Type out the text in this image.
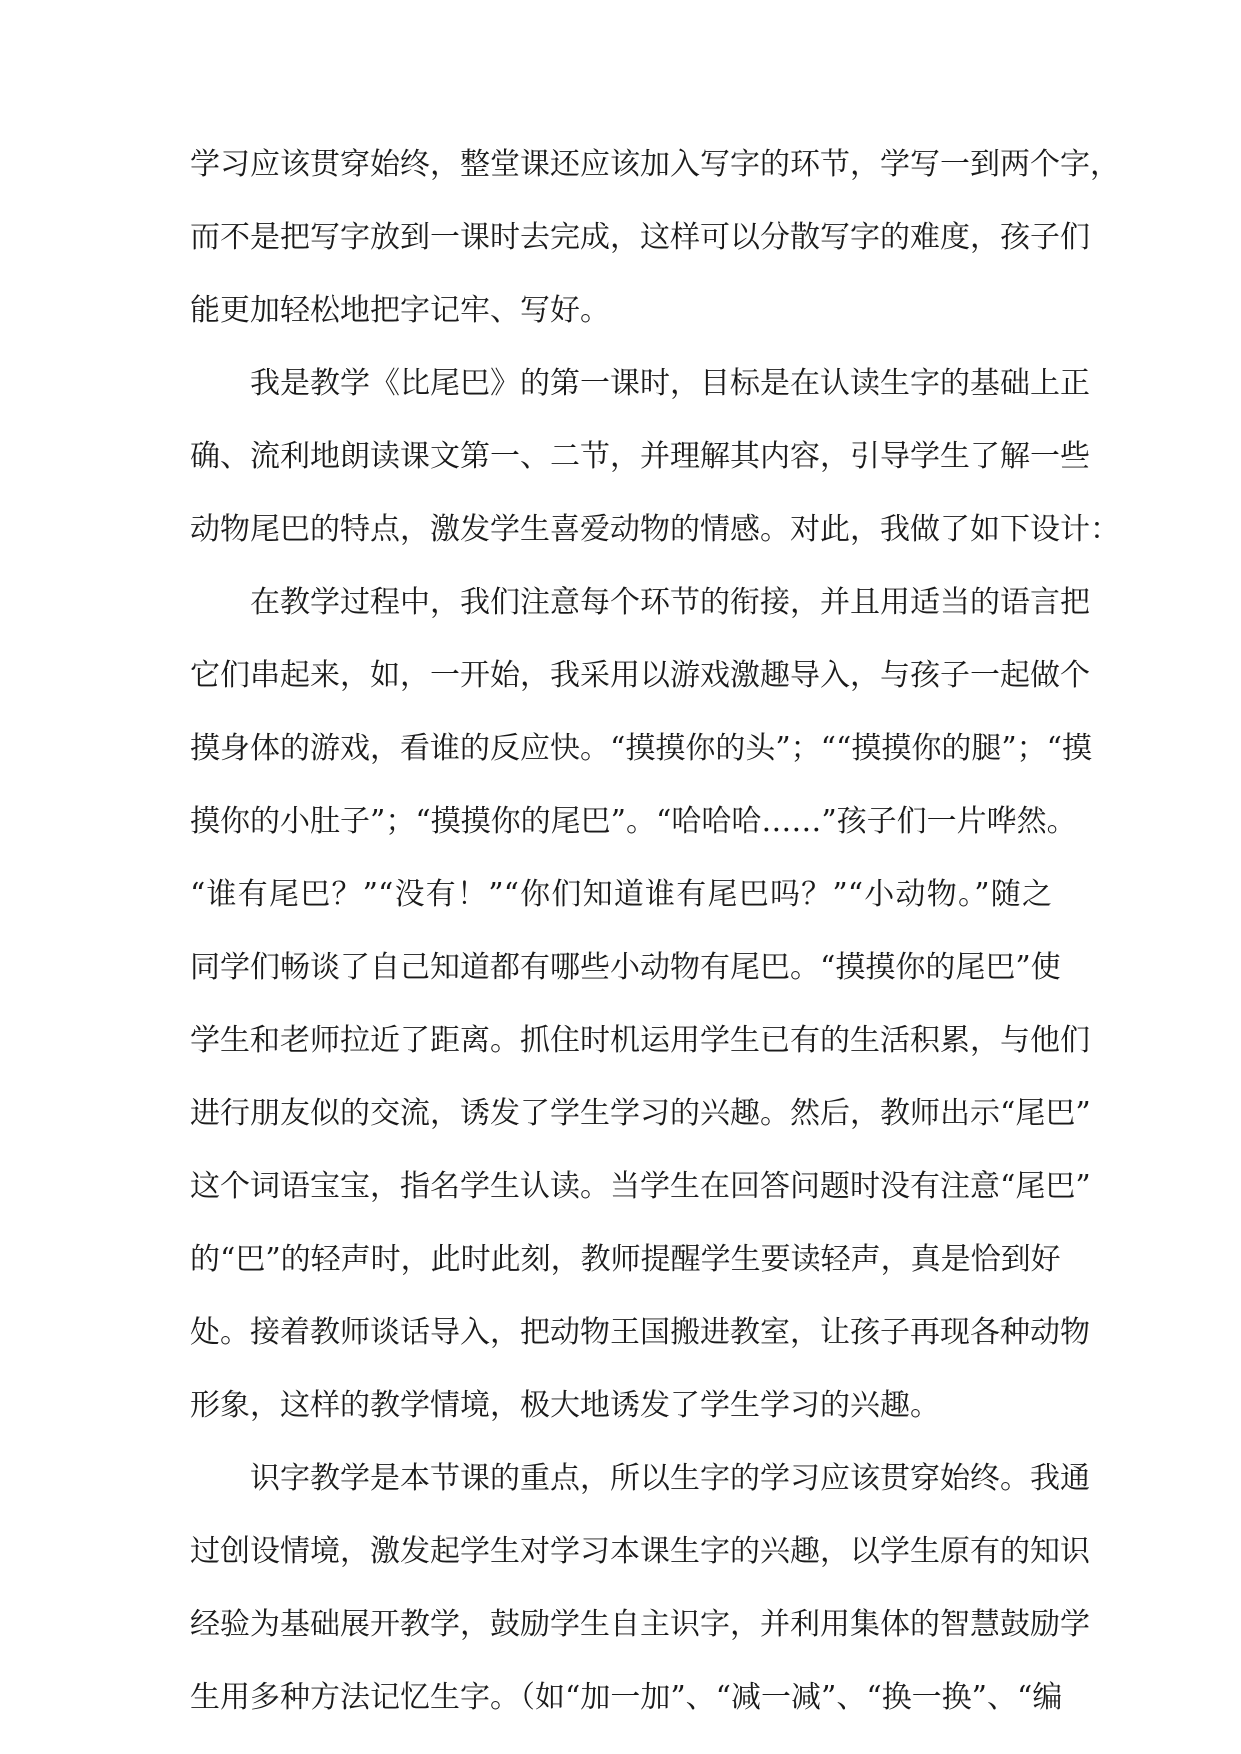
学习应该贯穿始终，整堂课还应该加入写字的环节，学写一到两个字，
而不是把写字放到一课时去完成，这样可以分散写字的难度，孩子们
能更加轻松地把字记牢、写好。
我是教学《比尾巴》的第一课时，目标是在认读生字的基础上正
确、流利地朗读课文第一、二节，并理解其内容，引导学生了解一些
动物尾巴的特点，激发学生喜爱动物的情感。对此，我做了如下设计：
在教学过程中，我们注意每个环节的衔接，并且用适当的语言把
它们串起来，如，一开始，我采用以游戏激趣导入，与孩子一起做个
摸身体的游戏，看谁的反应快。“摸摸你的头”；““摸摸你的腿”；“摸
摸你的小肚子”；“摸摸你的尾巴”。“哈哈哈……”孩子们一片哗然。
“谁有尾巴？”“没有！”“你们知道谁有尾巴吗？”“小动物。”随之
同学们畅谈了自己知道都有哪些小动物有尾巴。“摸摸你的尾巴”使
学生和老师拉近了距离。抓住时机运用学生已有的生活积累，与他们
进行朋友似的交流，诱发了学生学习的兴趣。然后，教师出示“尾巴”
这个词语宝宝，指名学生认读。当学生在回答问题时没有注意“尾巴”
的“巴”的轻声时，此时此刻，教师提醒学生要读轻声，真是恰到好
处。接着教师谈话导入，把动物王国搬进教室，让孩子再现各种动物
形象，这样的教学情境，极大地诱发了学生学习的兴趣。
识字教学是本节课的重点，所以生字的学习应该贯穿始终。我通
过创设情境，激发起学生对学习本课生字的兴趣，以学生原有的知识
经验为基础展开教学，鼓励学生自主识字，并利用集体的智慧鼓励学
生用多种方法记忆生字。（如“加一加”、“减一减”、“换一换”、“编
